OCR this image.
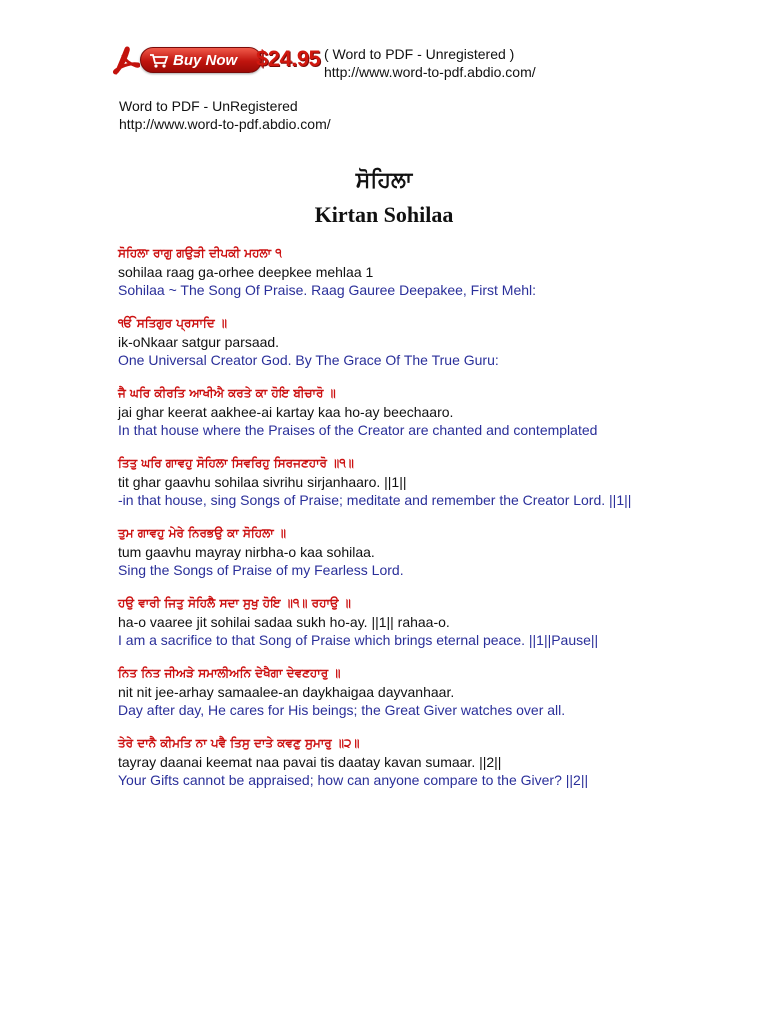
Buy Now $24.95 ( Word to PDF - Unregistered )
http://www.word-to-pdf.abdio.com/
Word to PDF - UnRegistered
http://www.word-to-pdf.abdio.com/
ਸੋਹਿਲਾ
Kirtan Sohilaa
ਸੋਹਿਲਾ ਰਾਗੁ ਗਉੜੀ ਦੀਪਕੀ ਮਹਲਾ ੧
sohilaa raag ga-orhee deepkee mehlaa 1
Sohilaa ~ The Song Of Praise. Raag Gauree Deepakee, First Mehl:
ੴ ਸਤਿਗੁਰ ਪ੍ਰਸਾਦਿ ॥
ik-oNkaar satgur parsaad.
One Universal Creator God. By The Grace Of The True Guru:
ਜੈ ਘਰਿ ਕੀਰਤਿ ਆਖੀਐ ਕਰਤੇ ਕਾ ਹੋਇ ਬੀਚਾਰੋ ॥
jai ghar keerat aakhee-ai kartay kaa ho-ay beechaaro.
In that house where the Praises of the Creator are chanted and contemplated
ਤਿਤੁ ਘਰਿ ਗਾਵਹੁ ਸੋਹਿਲਾ ਸਿਵਰਿਹੁ ਸਿਰਜਣਹਾਰੋ ॥੧॥
tit ghar gaavhu sohilaa sivrihu sirjanhaaro. ||1||
-in that house, sing Songs of Praise; meditate and remember the Creator Lord. ||1||
ਤੁਮ ਗਾਵਹੁ ਮੇਰੇ ਨਿਰਭਉ ਕਾ ਸੋਹਿਲਾ ॥
tum gaavhu mayray nirbha-o kaa sohilaa.
Sing the Songs of Praise of my Fearless Lord.
ਹਉ ਵਾਰੀ ਜਿਤੁ ਸੋਹਿਲੈ ਸਦਾ ਸੁਖੁ ਹੋਇ ॥੧॥ ਰਹਾਉ ॥
ha-o vaaree jit sohilai sadaa sukh ho-ay. ||1|| rahaa-o.
I am a sacrifice to that Song of Praise which brings eternal peace. ||1||Pause||
ਨਿਤ ਨਿਤ ਜੀਅੜੇ ਸਮਾਲੀਅਨਿ ਦੇਖੈਗਾ ਦੇਵਣਹਾਰੁ ॥
nit nit jee-arhay samaalee-an daykhaigaa dayvanhaar.
Day after day, He cares for His beings; the Great Giver watches over all.
ਤੇਰੇ ਦਾਨੈ ਕੀਮਤਿ ਨਾ ਪਵੈ ਤਿਸੁ ਦਾਤੇ ਕਵਣੁ ਸੁਮਾਰੁ ॥੨॥
tayray daanai keemat naa pavai tis daatay kavan sumaar. ||2||
Your Gifts cannot be appraised; how can anyone compare to the Giver? ||2||
